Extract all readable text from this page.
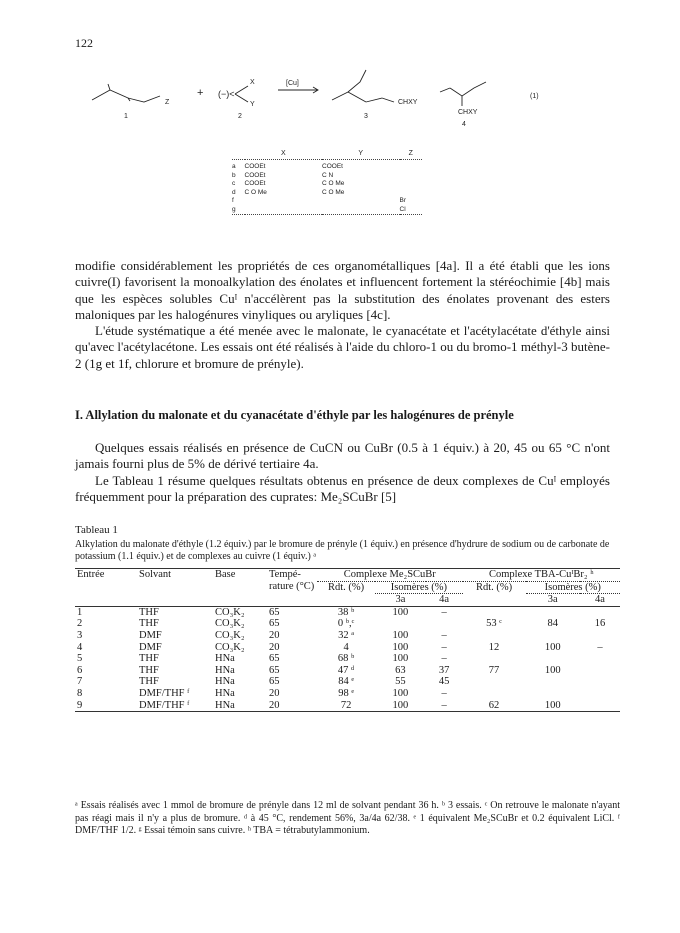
122
Z
+ (−)<
X
Y
[Cu]
CHXY
CHXY
(1)
1	2	3
4
	X	Y	Z

a	COOEt	COOEt	
b	COOEt	C N	
c	COOEt	C O Me	
d	C O Me	C O Me	
f			Br
g			Cl

modifie considérablement les propriétés de ces organométalliques [4a]. Il a été établi que les ions cuivre(I) favorisent la monoalkylation des énolates et influencent fortement la stéréochimie [4b] mais que les espèces solubles Cuᴵ n'accélèrent pas la substitution des énolates provenant des esters maloniques par les halogénures vinyliques ou aryliques [4c].

L'étude systématique a été menée avec le malonate, le cyanacétate et l'acétylacétate d'éthyle ainsi qu'avec l'acétylacétone. Les essais ont été réalisés à l'aide du chloro-1 ou du bromo-1 méthyl-3 butène-2 (1g et 1f, chlorure et bromure de prényle).

I. Allylation du malonate et du cyanacétate d'éthyle par les halogénures de prényle

Quelques essais réalisés en présence de CuCN ou CuBr (0.5 à 1 équiv.) à 20, 45 ou 65 °C n'ont jamais fourni plus de 5% de dérivé tertiaire 4a.

Le Tableau 1 résume quelques résultats obtenus en présence de deux complexes de Cuᴵ employés fréquemment pour la préparation des cuprates: Me₂SCuBr [5]

Tableau 1
Alkylation du malonate d'éthyle (1.2 équiv.) par le bromure de prényle (1 équiv.) en présence d'hydrure de sodium ou de carbonate de potassium (1.1 équiv.) et de complexes au cuivre (1 équiv.) ᵃ
Entrée	Solvant	Base	Tempé-rature (°C)	Complexe Me₂SCuBr			Complexe TBA-CuᴵBr₂ ʰ		
				Rdt. (%)	Isomères (%)		Rdt. (%)	Isomères (%)	
					3a	4a		3a	4a
1	THF	CO₃K₂	65	38 ᵇ	100	–			
2	THF	CO₃K₂	65	0 ᵇ,ᶜ			53 ᶜ	84	16
3	DMF	CO₃K₂	20	32 ᵃ	100	–			
4	DMF	CO₃K₂	20	4	100	–	12	100	–
5	THF	HNa	65	68 ᵇ	100	–			
6	THF	HNa	65	47 ᵈ	63	37	77	100	
7	THF	HNa	65	84 ᵉ	55	45			
8	DMF/THF ᶠ	HNa	20	98 ᵉ	100	–			
9	DMF/THF ᶠ	HNa	20	72	100	–	62	100	
ᵃ Essais réalisés avec 1 mmol de bromure de prényle dans 12 ml de solvant pendant 36 h. ᵇ 3 essais. ᶜ On retrouve le malonate n'ayant pas réagi mais il n'y a plus de bromure. ᵈ à 45 °C, rendement 56%, 3a/4a 62/38. ᵉ 1 équivalent Me₂SCuBr et 0.2 équivalent LiCl. ᶠ DMF/THF 1/2. ᵍ Essai témoin sans cuivre. ʰ TBA = tétrabutylammonium.
